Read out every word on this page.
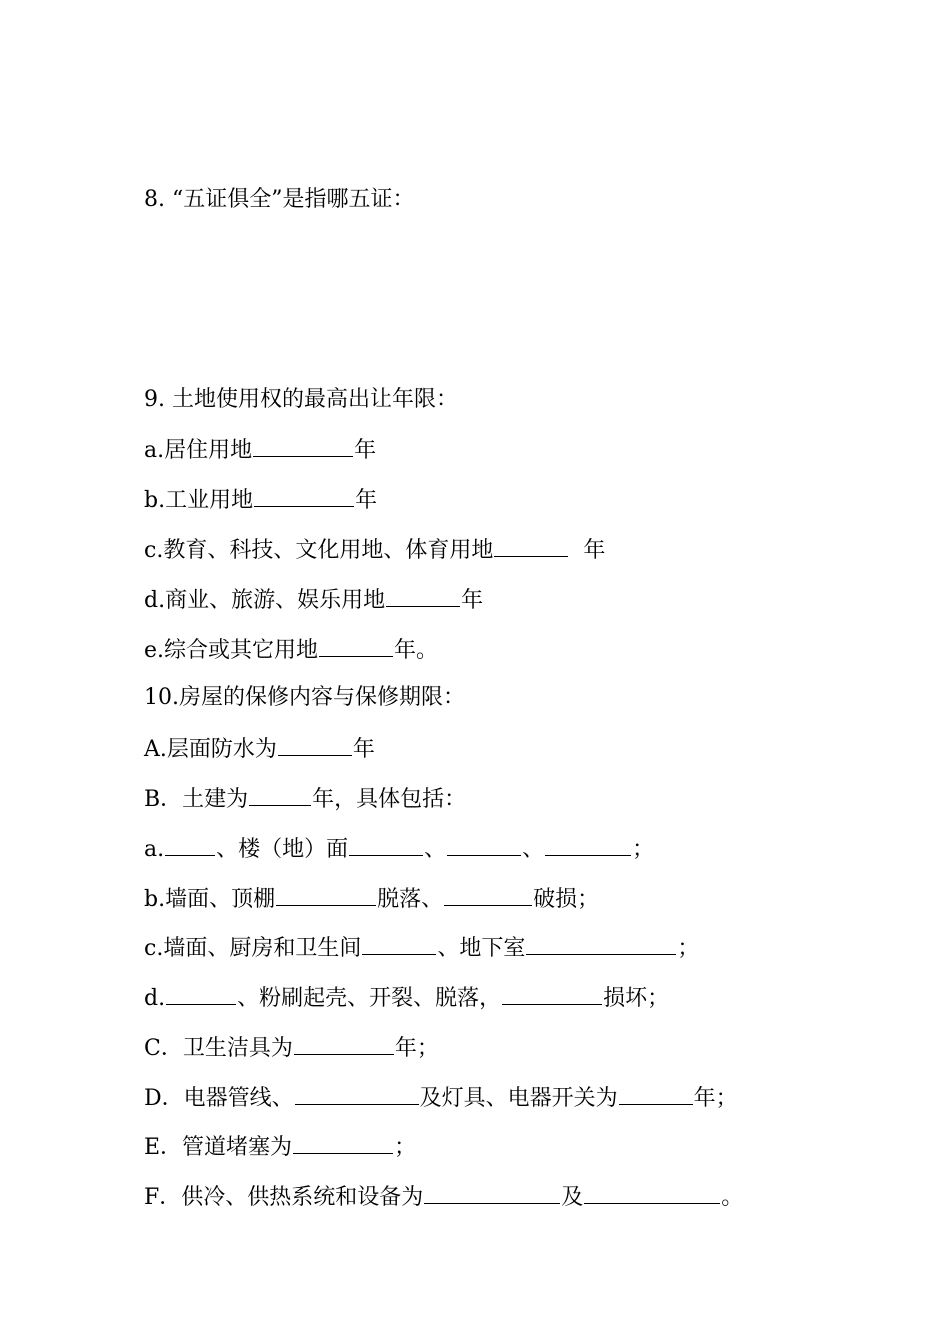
8. “五证俱全”是指哪五证：
9. 土地使用权的最高出让年限：
a.居住用地	年
b.工业用地	年
c.教育、科技、文化用地、体育用地	年
d.商业、旅游、娱乐用地	年
e.综合或其它用地	年。
10.房屋的保修内容与保修期限：
A.层面防水为	年
B．土建为	年，具体包括：
a. 、楼（地）面	、	、	；
b.墙面、顶棚	脱落、	破损；
c.墙面、厨房和卫生间	、地下室	；
d.	、粉刷起壳、开裂、脱落，	损坏；
C．卫生洁具为	年；
D．电器管线、	及灯具、电器开关为	年；
E．管道堵塞为	；
F．供冷、供热系统和设备为	及	。
